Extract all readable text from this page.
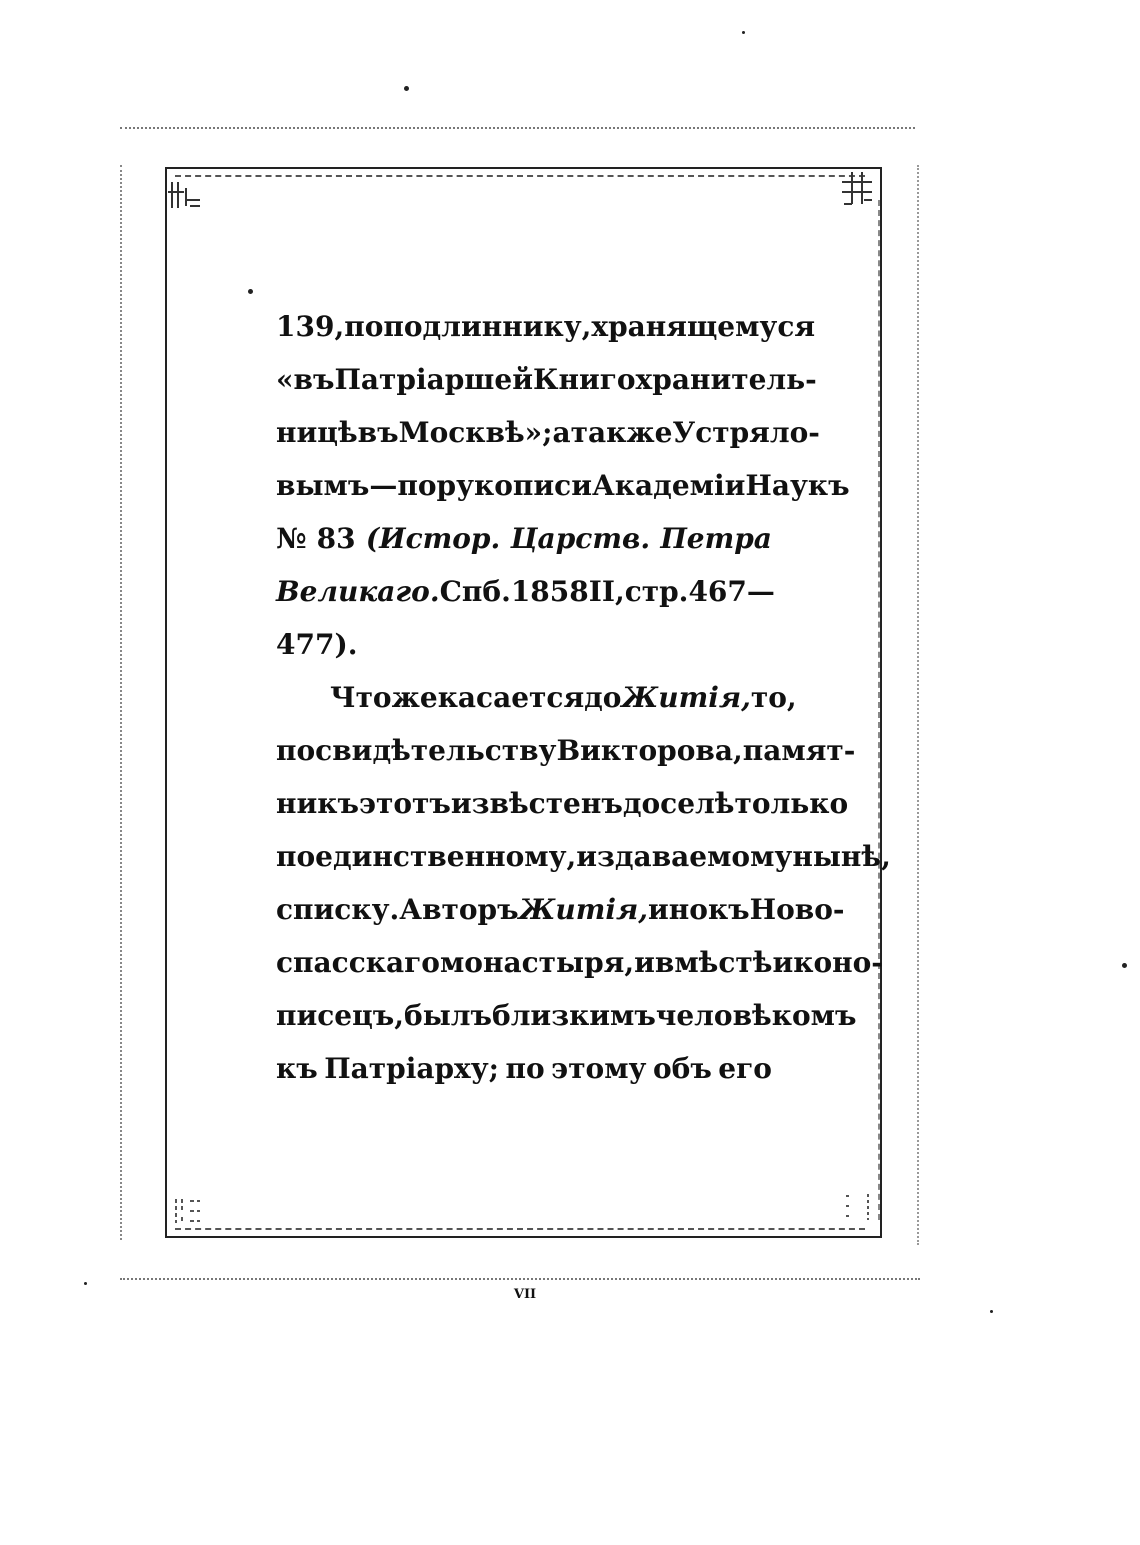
139, по подлиннику, хранящемуся
«въ Патріаршей Книгохранитель-
ницѣ въ Москвѣ»; а также Устряло-
вымъ—по рукописи Академіи Наукъ
№ 83 (Истор. Царств. Петра
Великаго. Спб. 1858 II, стр. 467—
477).
Что же касается до Житія, то,
по свидѣтельству Викторова, памят-
никъ этотъ извѣстенъ доселѣ только
по единственному, издаваемому нынѣ,
списку. Авторъ Житія, инокъ Ново-
спасскаго монастыря, и вмѣстѣ иконо-
писецъ, былъ близкимъ человѣкомъ
къ Патріарху; по этому объ его
VII
